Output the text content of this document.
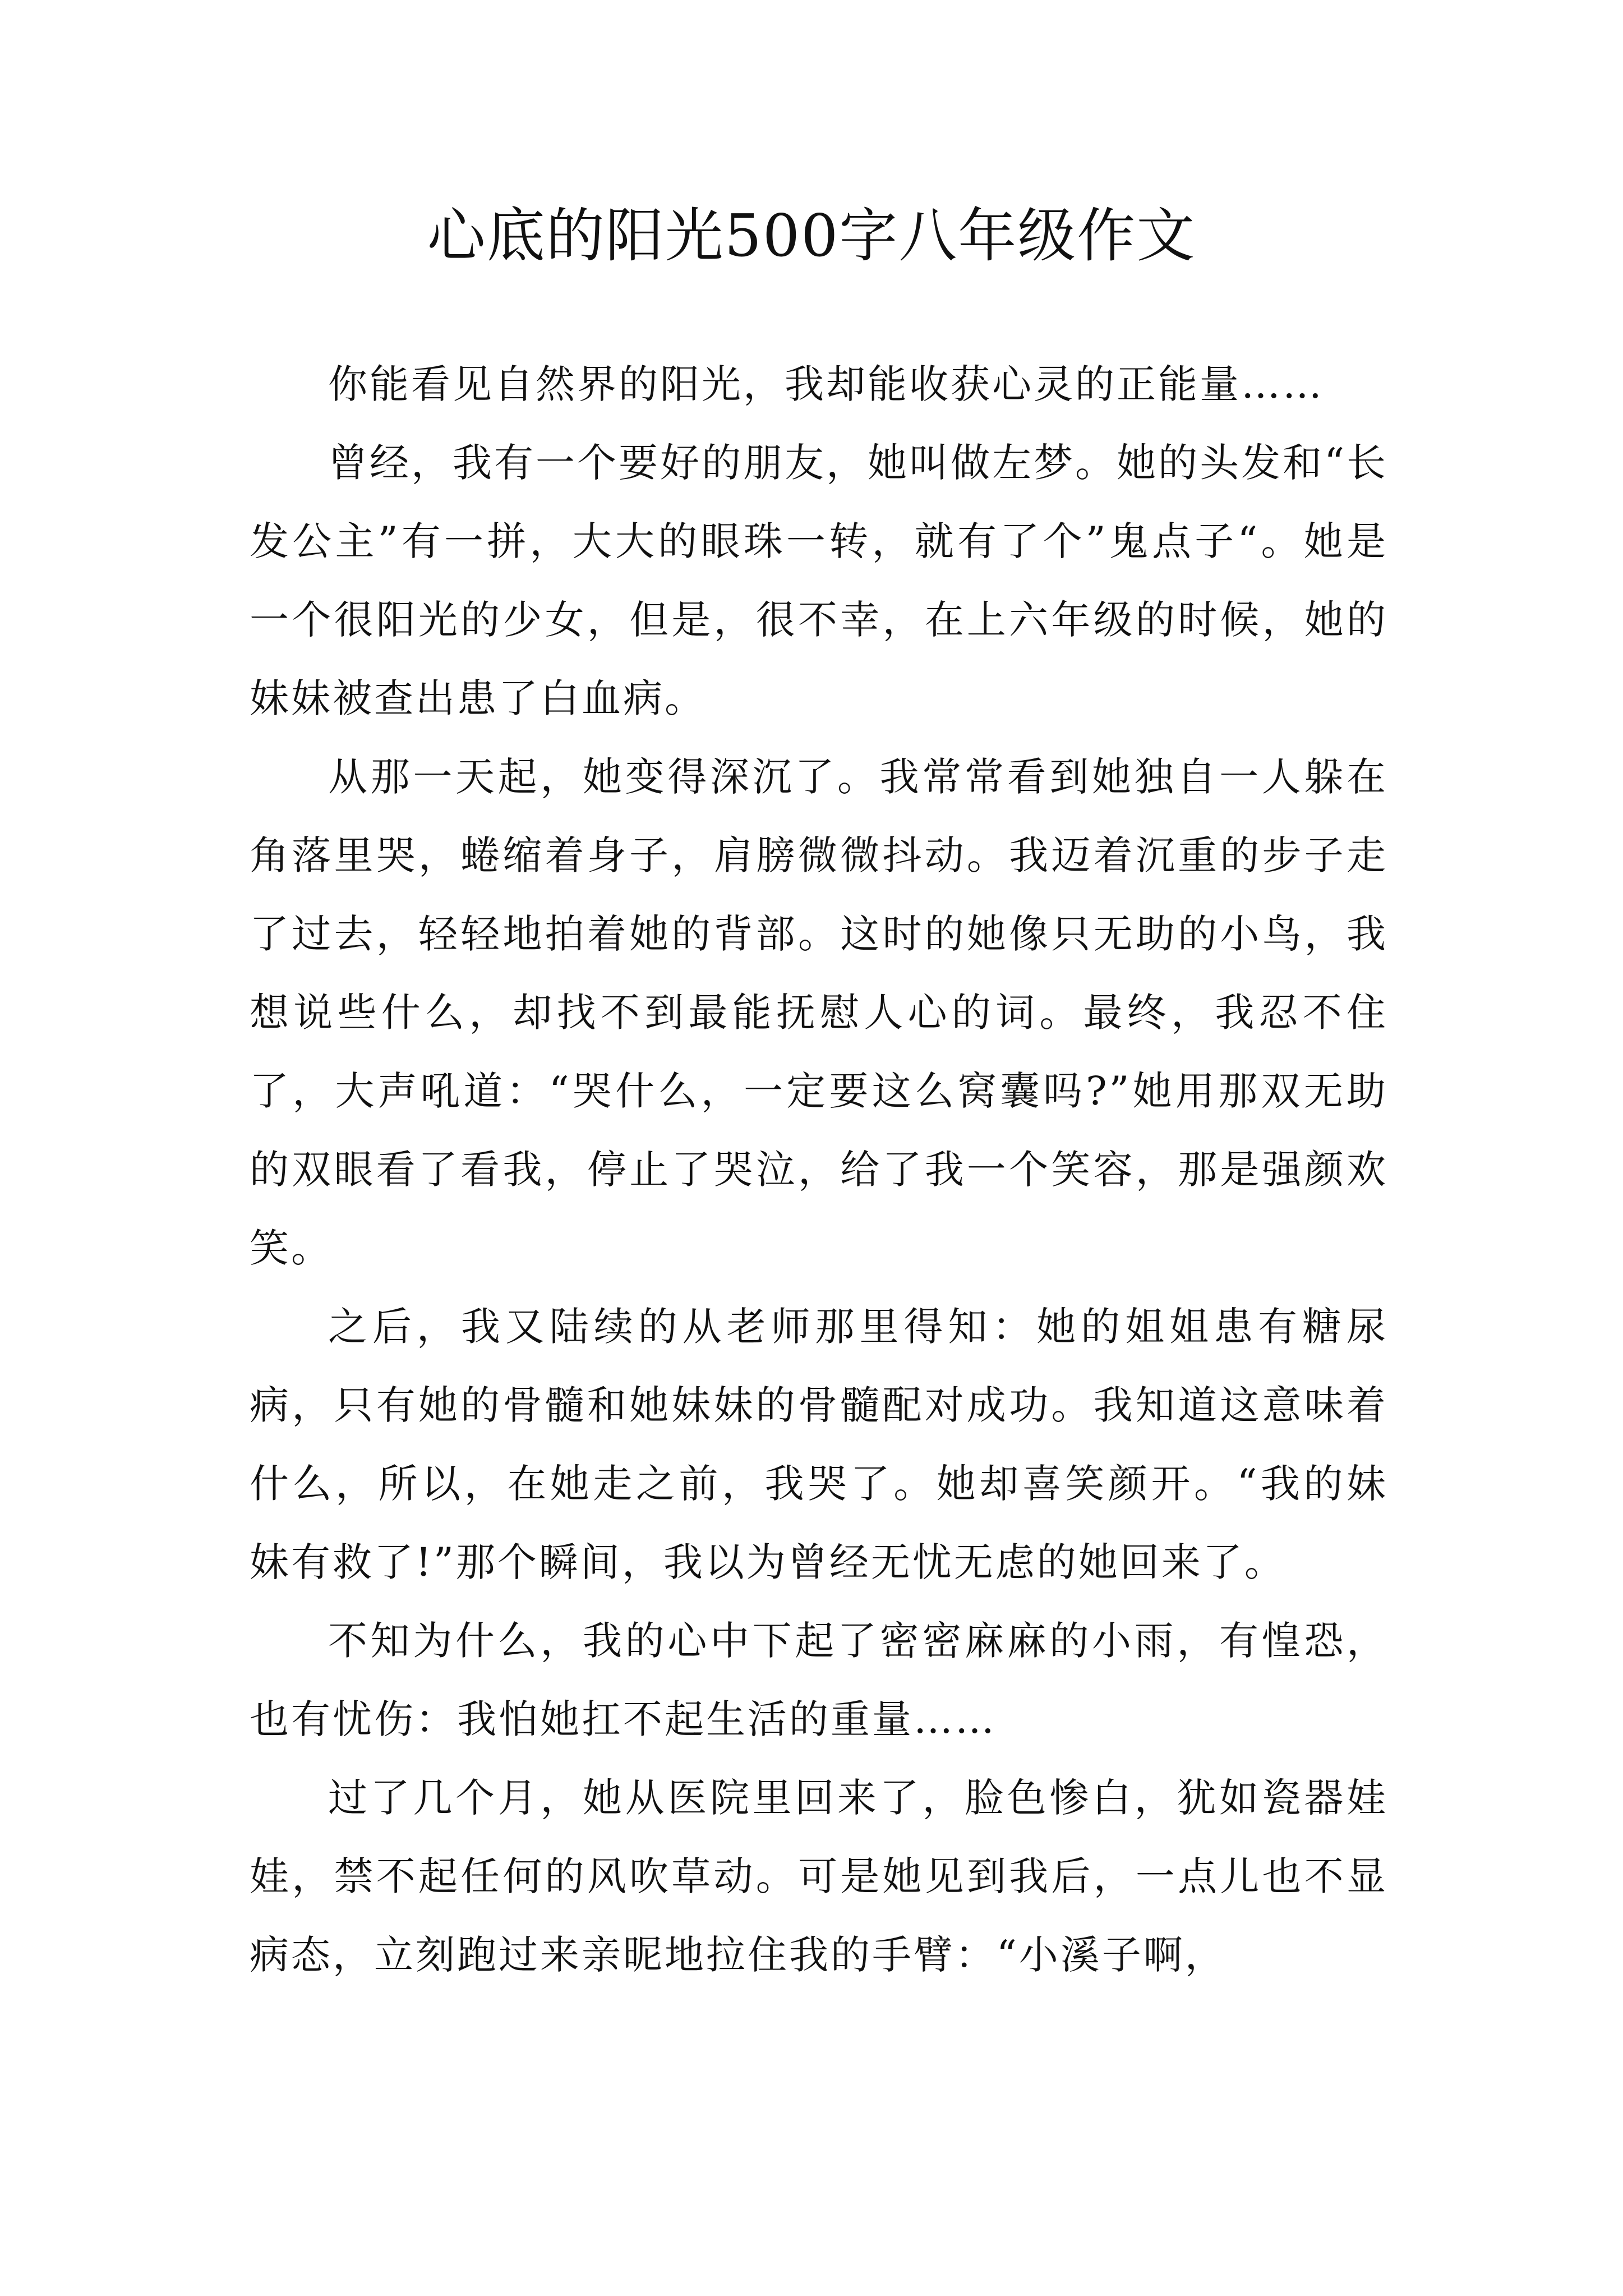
心底的阳光500字八年级作文

你能看见自然界的阳光，我却能收获心灵的正能量……

曾经，我有一个要好的朋友，她叫做左梦。她的头发和“长发公主”有一拼，大大的眼珠一转，就有了个”鬼点子“。她是一个很阳光的少女，但是，很不幸，在上六年级的时候，她的妹妹被查出患了白血病。

从那一天起，她变得深沉了。我常常看到她独自一人躲在角落里哭，蜷缩着身子，肩膀微微抖动。我迈着沉重的步子走了过去，轻轻地拍着她的背部。这时的她像只无助的小鸟，我想说些什么，却找不到最能抚慰人心的词。最终，我忍不住了，大声吼道：“哭什么，一定要这么窝囊吗?”她用那双无助的双眼看了看我，停止了哭泣，给了我一个笑容，那是强颜欢笑。

之后，我又陆续的从老师那里得知：她的姐姐患有糖尿病，只有她的骨髓和她妹妹的骨髓配对成功。我知道这意味着什么，所以，在她走之前，我哭了。她却喜笑颜开。“我的妹妹有救了!”那个瞬间，我以为曾经无忧无虑的她回来了。

不知为什么，我的心中下起了密密麻麻的小雨，有惶恐，也有忧伤：我怕她扛不起生活的重量……

过了几个月，她从医院里回来了，脸色惨白，犹如瓷器娃娃，禁不起任何的风吹草动。可是她见到我后，一点儿也不显病态，立刻跑过来亲昵地拉住我的手臂：“小溪子啊，
